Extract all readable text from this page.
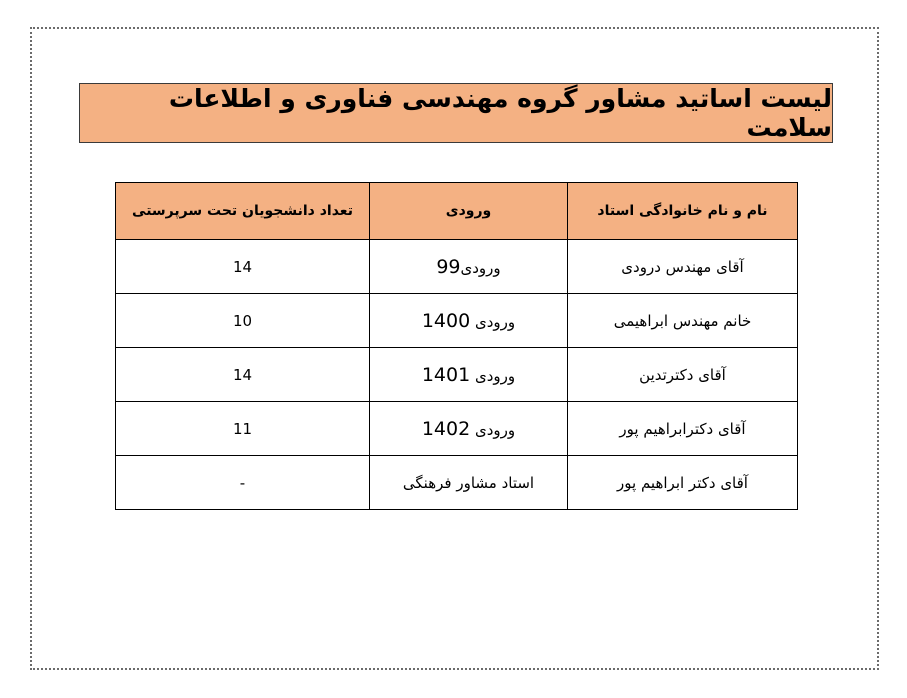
لیست اساتید مشاور گروه مهندسی فناوری و اطلاعات سلامت
نام و نام خانوادگی استاد	ورودی	تعداد دانشجویان تحت سرپرستی
آقای مهندس درودی	ورودی99	14
خانم مهندس ابراهیمی	ورودی 1400	10
آقای دکترتدین	ورودی 1401	14
آقای دکترابراهیم پور	ورودی 1402	11
آقای دکتر ابراهیم پور	استاد مشاور فرهنگی	-
